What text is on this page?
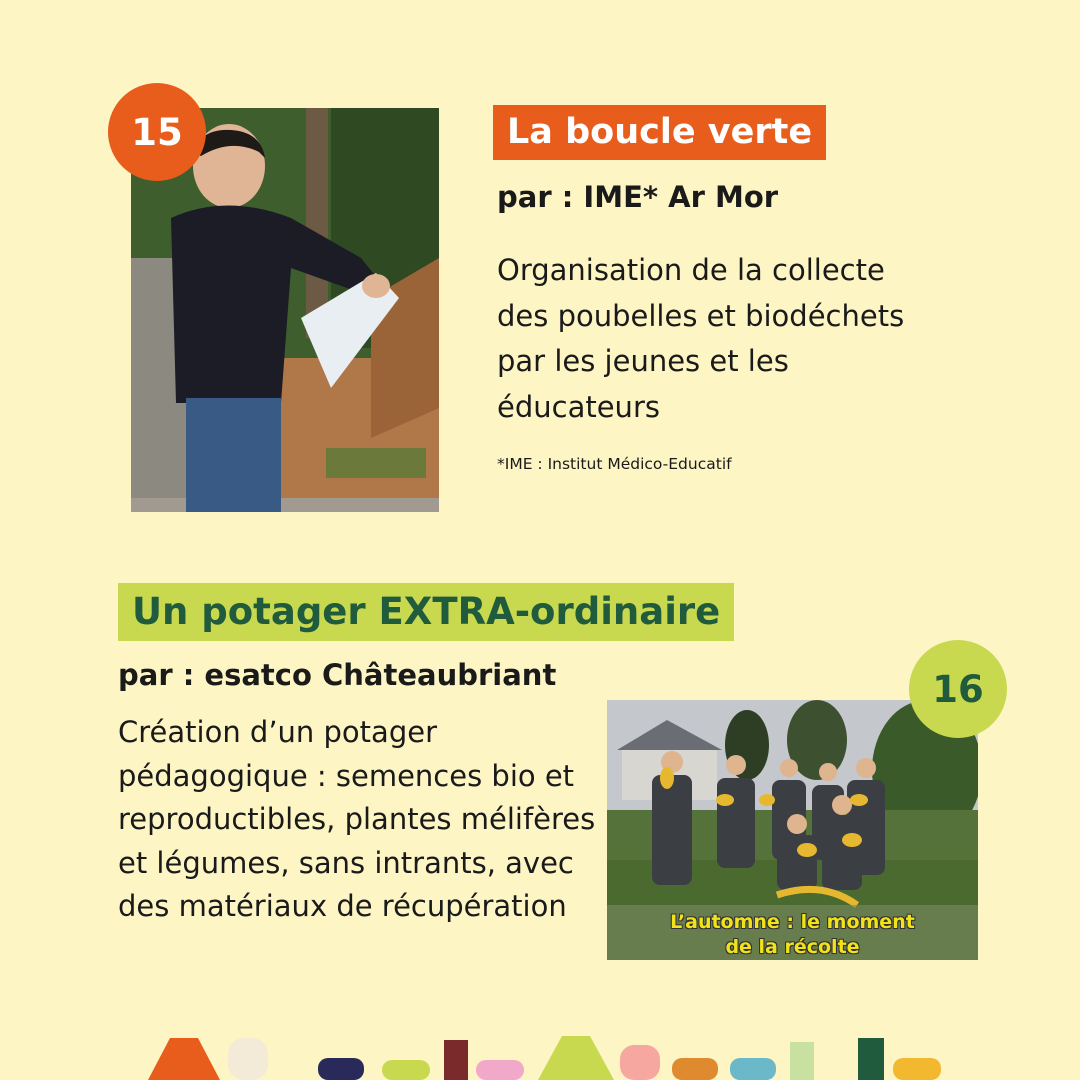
15	La boucle verte
par : IME* Ar Mor
Organisation de la collecte des poubelles et biodéchets par les jeunes et les éducateurs
*IME : Institut Médico-Educatif
Un potager EXTRA-ordinaire
par : esatco Châteaubriant
Création d’un potager pédagogique : semences bio et reproductibles, plantes mélifères et légumes, sans intrants, avec des matériaux de récupération	L’automne : le moment
de la récolte
16
